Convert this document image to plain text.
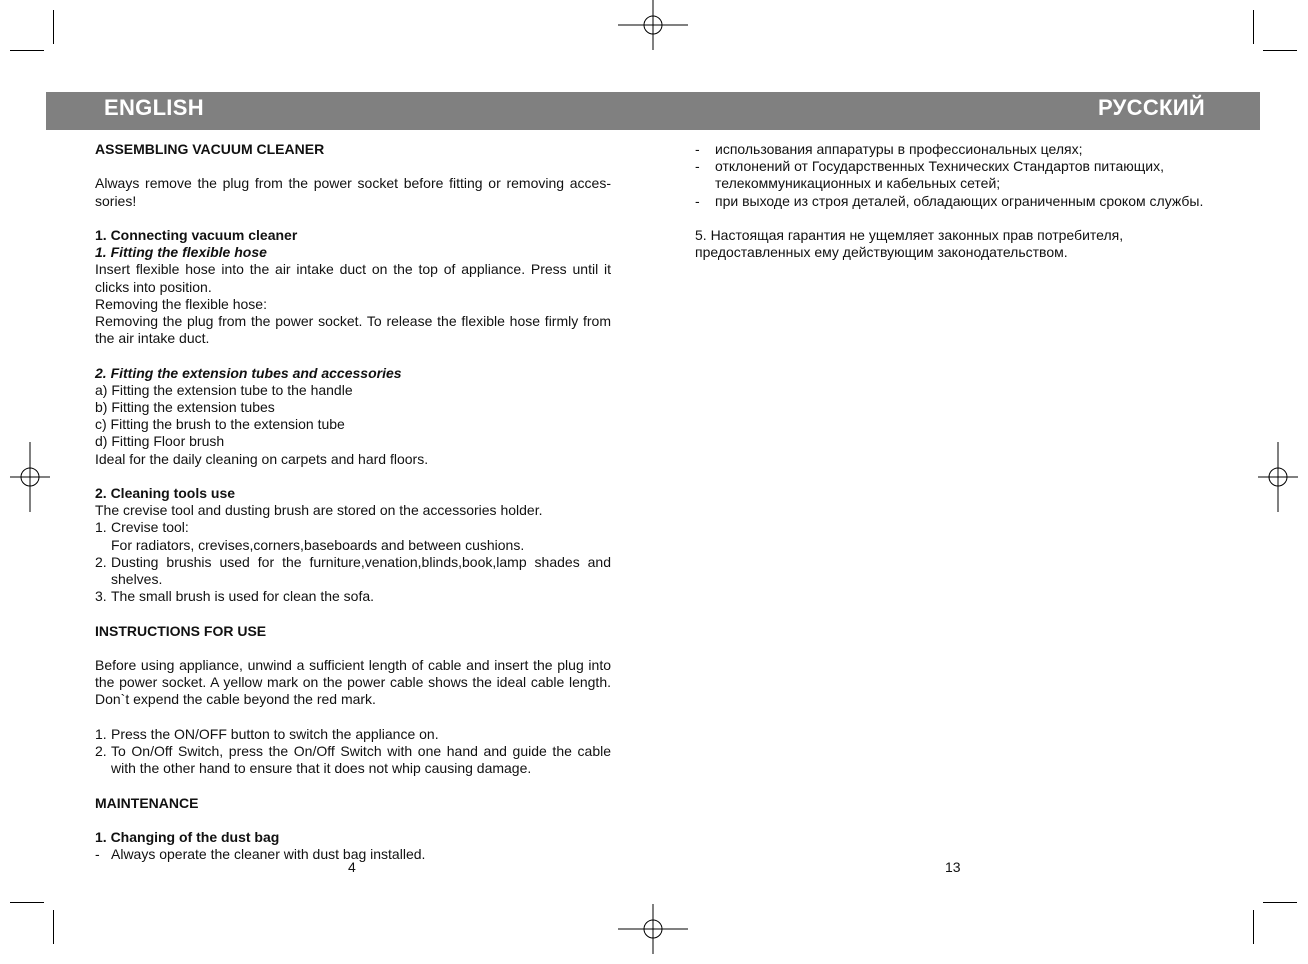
ENGLISH	РУССКИЙ
ASSEMBLING VACUUM CLEANER

Always remove the plug from the power socket before fitting or removing acces-sories!

1. Connecting vacuum cleaner
1. Fitting the flexible hose

Insert flexible hose into the air intake duct on the top of appliance. Press until it clicks into position.

Removing the flexible hose:

Removing the plug from the power socket. To release the flexible hose firmly from the air intake duct.

2. Fitting the extension tubes and accessories
a) Fitting the extension tube to the handle
b) Fitting the extension tubes
c) Fitting the brush to the extension tube
d) Fitting Floor brush
Ideal for the daily cleaning on carpets and hard floors.
2. Cleaning tools use
The crevise tool and dusting brush are stored on the accessories holder.
1. Crevise tool:
For radiators, crevises,corners,baseboards and between cushions.
2. Dusting brushis used for the furniture,venation,blinds,book,lamp shades and shelves.
3. The small brush is used for clean the sofa.
INSTRUCTIONS FOR USE

Before using appliance, unwind a sufficient length of cable and insert the plug into the power socket. A yellow mark on the power cable shows the ideal cable length. Don`t expend the cable beyond the red mark.

1. Press the ON/OFF button to switch the appliance on.
2. To On/Off Switch, press the On/Off Switch with one hand and guide the cable with the other hand to ensure that it does not whip causing damage.
MAINTENANCE
1. Changing of the dust bag
- Always operate the cleaner with dust bag installed.
4
-	использования аппаратуры в профессиональных целях;
-	отклонений от Государственных Технических Стандартов питающих, телекоммуникационных и кабельных сетей;
-	при выходе из строя деталей, обладающих ограниченным сроком службы.
5. Настоящая гарантия не ущемляет законных прав потребителя, предоставленных ему действующим законодательством.
13
